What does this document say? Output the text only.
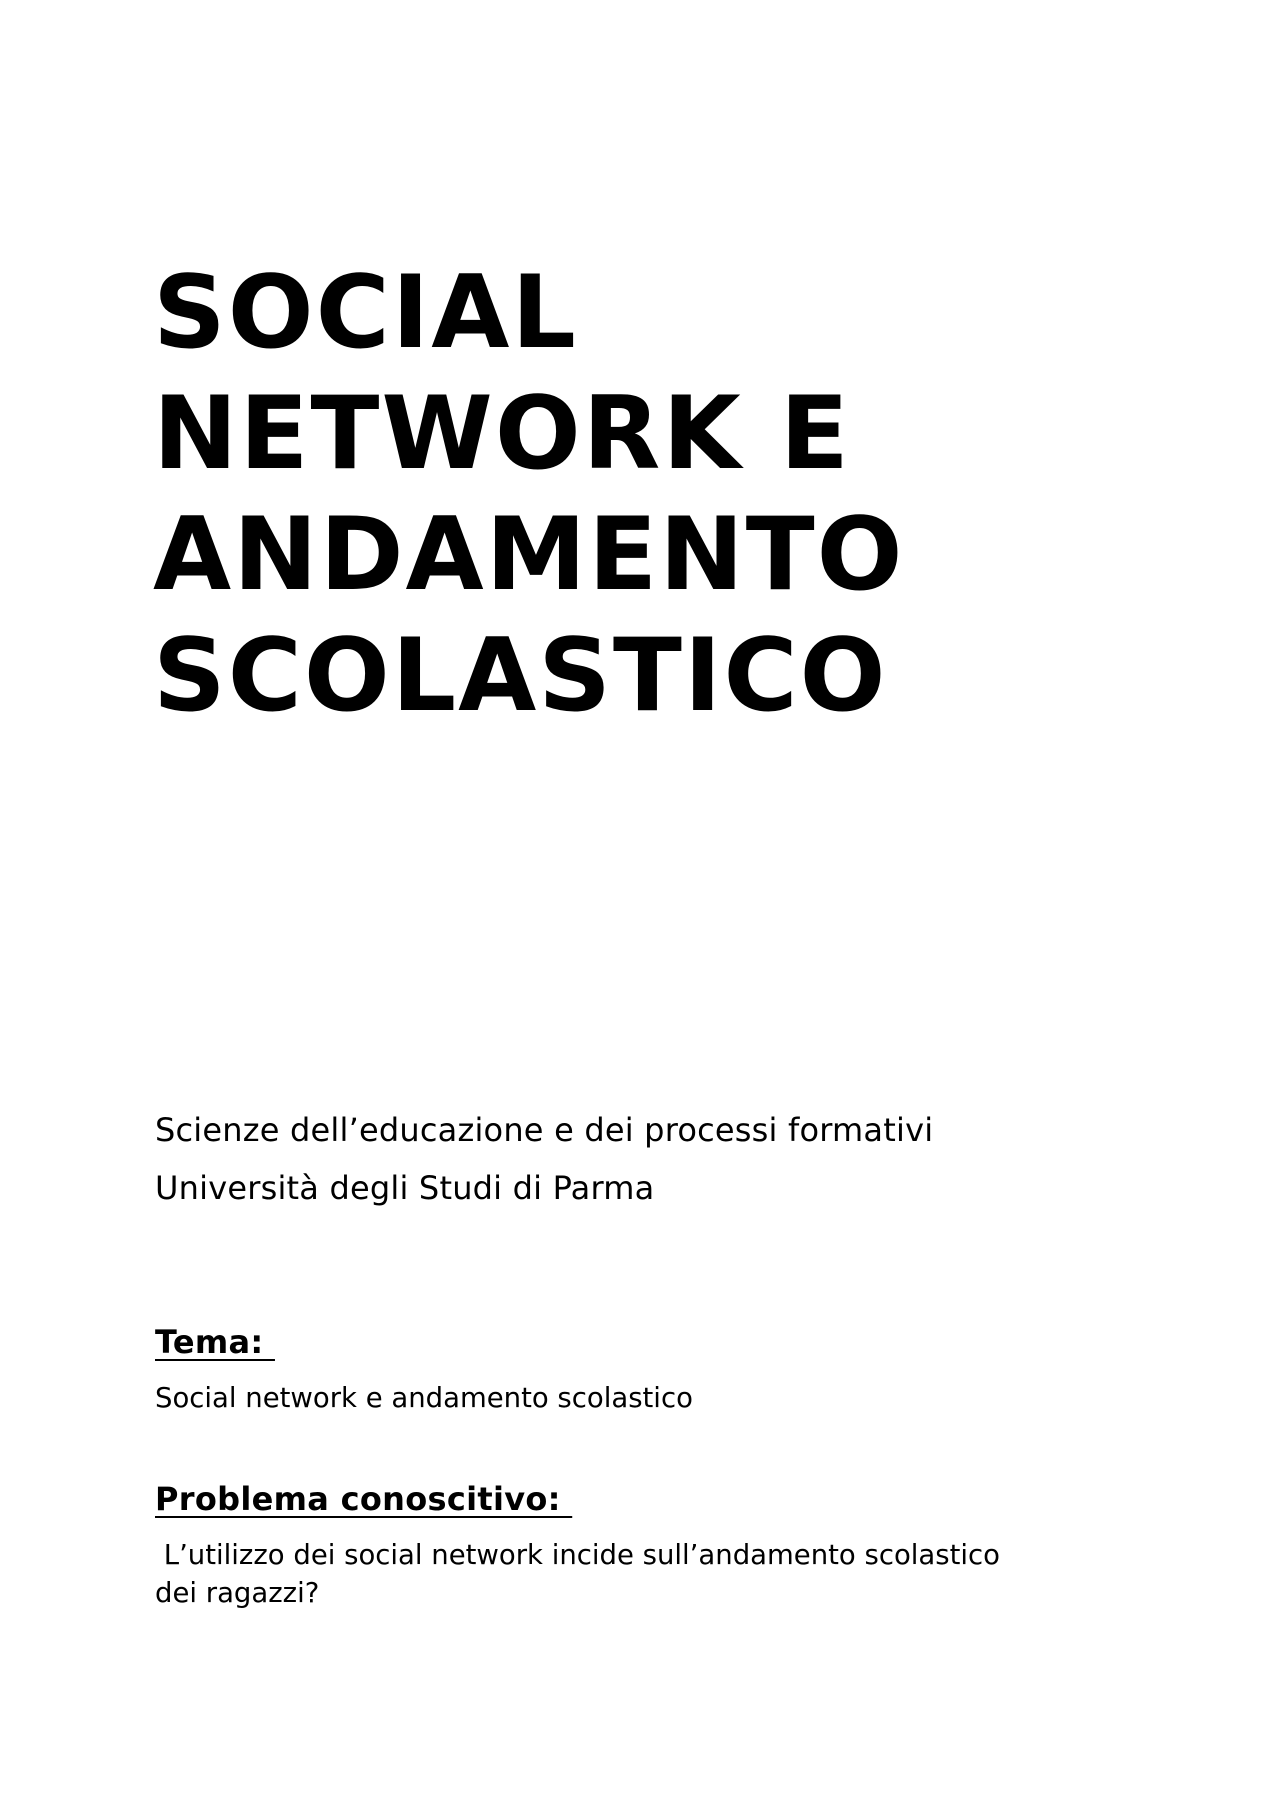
SOCIAL
NETWORK E
ANDAMENTO
SCOLASTICO
Scienze dell’educazione e dei processi formativi
Università degli Studi di Parma
Tema:
Social network e andamento scolastico
Problema conoscitivo:
L’utilizzo dei social network incide sull’andamento scolastico
dei ragazzi?
